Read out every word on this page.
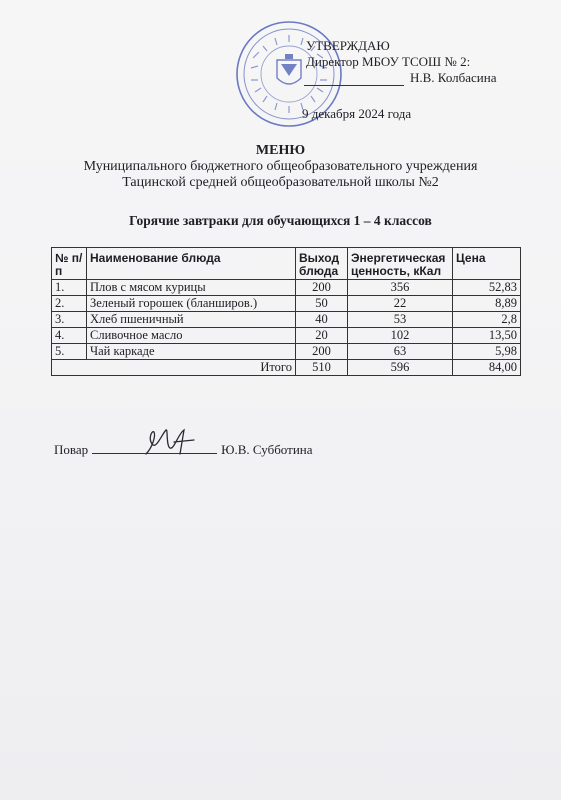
УТВЕРЖДАЮ
Директор МБОУ ТСОШ № 2:
Н.В. Колбасина
9 декабря 2024 года
МЕНЮ
Муниципального бюджетного общеобразовательного учреждения
Тацинской средней общеобразовательной школы №2
Горячие завтраки для обучающихся 1 – 4 классов
№ п/п	Наименование блюда	Выход блюда	Энергетическая ценность, кКал	Цена
1.	Плов с мясом курицы	200	356	52,83
2.	Зеленый горошек (бланширов.)	50	22	8,89
3.	Хлеб пшеничный	40	53	2,8
4.	Сливочное масло	20	102	13,50
5.	Чай каркаде	200	63	5,98
Итого		510	596	84,00
Повар	Ю.В. Субботина
